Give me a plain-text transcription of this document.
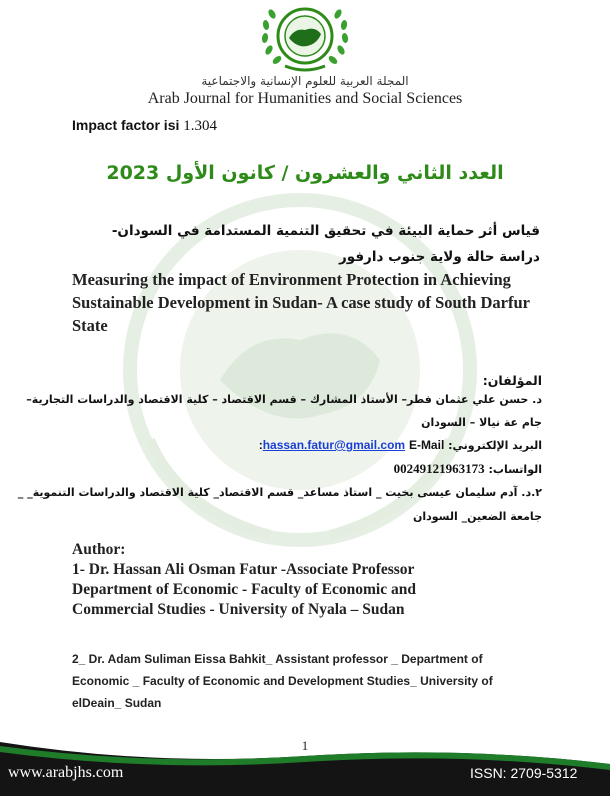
المجلة العربية للعلوم الإنسانية والاجتماعية
Arab Journal for Humanities and Social Sciences
Impact factor isi 1.304
العدد الثاني والعشرون / كانون الأول 2023
قياس أثر حماية البيئة في تحقيق التنمية المستدامة في السودان- دراسة حالة ولاية جنوب دارفور
Measuring the impact of Environment Protection in Achieving Sustainable Development in Sudan- A case study of South Darfur State
المؤلفان:
د. حسن علي عثمان فطر– الأستاذ المشارك – قسم الاقتصاد – كلية الاقتصاد والدراسات التجارية–
جام عة نيالا – السودان
البريد الإلكتروني: hassan.fatur@gmail.com E-Mail:
الواتساب: 00249121963173
٢.د. آدم سليمان عيسى بخيت _ استاذ مساعد_ قسم الاقتصاد_ كلية الاقتصاد والدراسات التنموية_ _
جامعة الضعين_ السودان
Author:
1- Dr. Hassan Ali Osman Fatur -Associate Professor
Department of Economic - Faculty of Economic and
Commercial Studies - University of Nyala – Sudan
2_ Dr. Adam Suliman Eissa Bahkit_ Assistant professor _ Department of
Economic _ Faculty of Economic and Development Studies_ University of
elDeain_ Sudan
1
www.arabjhs.com	ISSN: 2709-5312
